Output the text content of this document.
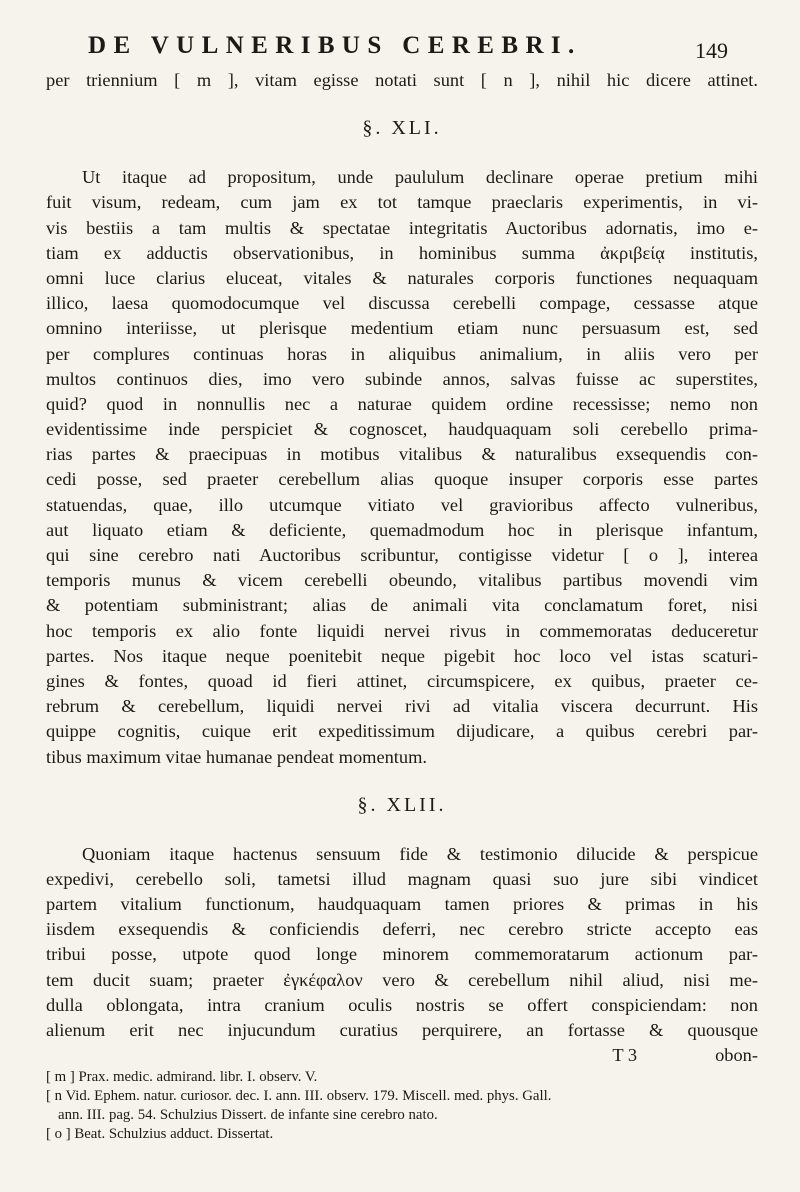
DE VULNERIBUS CEREBRI.	149
per triennium [ m ], vitam egisse notati sunt [ n ], nihil hic dicere attinet.
§. XLI.
Ut itaque ad propositum, unde paululum declinare operae pretium mihi
fuit visum, redeam, cum jam ex tot tamque praeclaris experimentis, in vi-
vis bestiis a tam multis & spectatae integritatis Auctoribus adornatis, imo e-
tiam ex adductis observationibus, in hominibus summa ἀκριβείᾳ institutis,
omni luce clarius eluceat, vitales & naturales corporis functiones nequaquam
illico, laesa quomodocumque vel discussa cerebelli compage, cessasse atque
omnino interiisse, ut plerisque medentium etiam nunc persuasum est, sed
per complures continuas horas in aliquibus animalium, in aliis vero per
multos continuos dies, imo vero subinde annos, salvas fuisse ac superstites,
quid? quod in nonnullis nec a naturae quidem ordine recessisse; nemo non
evidentissime inde perspiciet & cognoscet, haudquaquam soli cerebello prima-
rias partes & praecipuas in motibus vitalibus & naturalibus exsequendis con-
cedi posse, sed praeter cerebellum alias quoque insuper corporis esse partes
statuendas, quae, illo utcumque vitiato vel gravioribus affecto vulneribus,
aut liquato etiam & deficiente, quemadmodum hoc in plerisque infantum,
qui sine cerebro nati Auctoribus scribuntur, contigisse videtur [ o ], interea
temporis munus & vicem cerebelli obeundo, vitalibus partibus movendi vim
& potentiam subministrant; alias de animali vita conclamatum foret, nisi
hoc temporis ex alio fonte liquidi nervei rivus in commemoratas deduceretur
partes. Nos itaque neque poenitebit neque pigebit hoc loco vel istas scaturi-
gines & fontes, quoad id fieri attinet, circumspicere, ex quibus, praeter ce-
rebrum & cerebellum, liquidi nervei rivi ad vitalia viscera decurrunt. His
quippe cognitis, cuique erit expeditissimum dijudicare, a quibus cerebri par-
tibus maximum vitae humanae pendeat momentum.
§. XLII.
Quoniam itaque hactenus sensuum fide & testimonio dilucide & perspicue
expedivi, cerebello soli, tametsi illud magnam quasi suo jure sibi vindicet
partem vitalium functionum, haudquaquam tamen priores & primas in his
iisdem exsequendis & conficiendis deferri, nec cerebro stricte accepto eas
tribui posse, utpote quod longe minorem commemoratarum actionum par-
tem ducit suam; praeter ἐγκέφαλον vero & cerebellum nihil aliud, nisi me-
dulla oblongata, intra cranium oculis nostris se offert conspiciendam: non
alienum erit nec injucundum curatius perquirere, an fortasse & quousque
T 3	obon-
[ m ] Prax. medic. admirand. libr. I. observ. V.
[ n Vid. Ephem. natur. curiosor. dec. I. ann. III. observ. 179. Miscell. med. phys. Gall.
ann. III. pag. 54. Schulzius Dissert. de infante sine cerebro nato.
[ o ] Beat. Schulzius adduct. Dissertat.
